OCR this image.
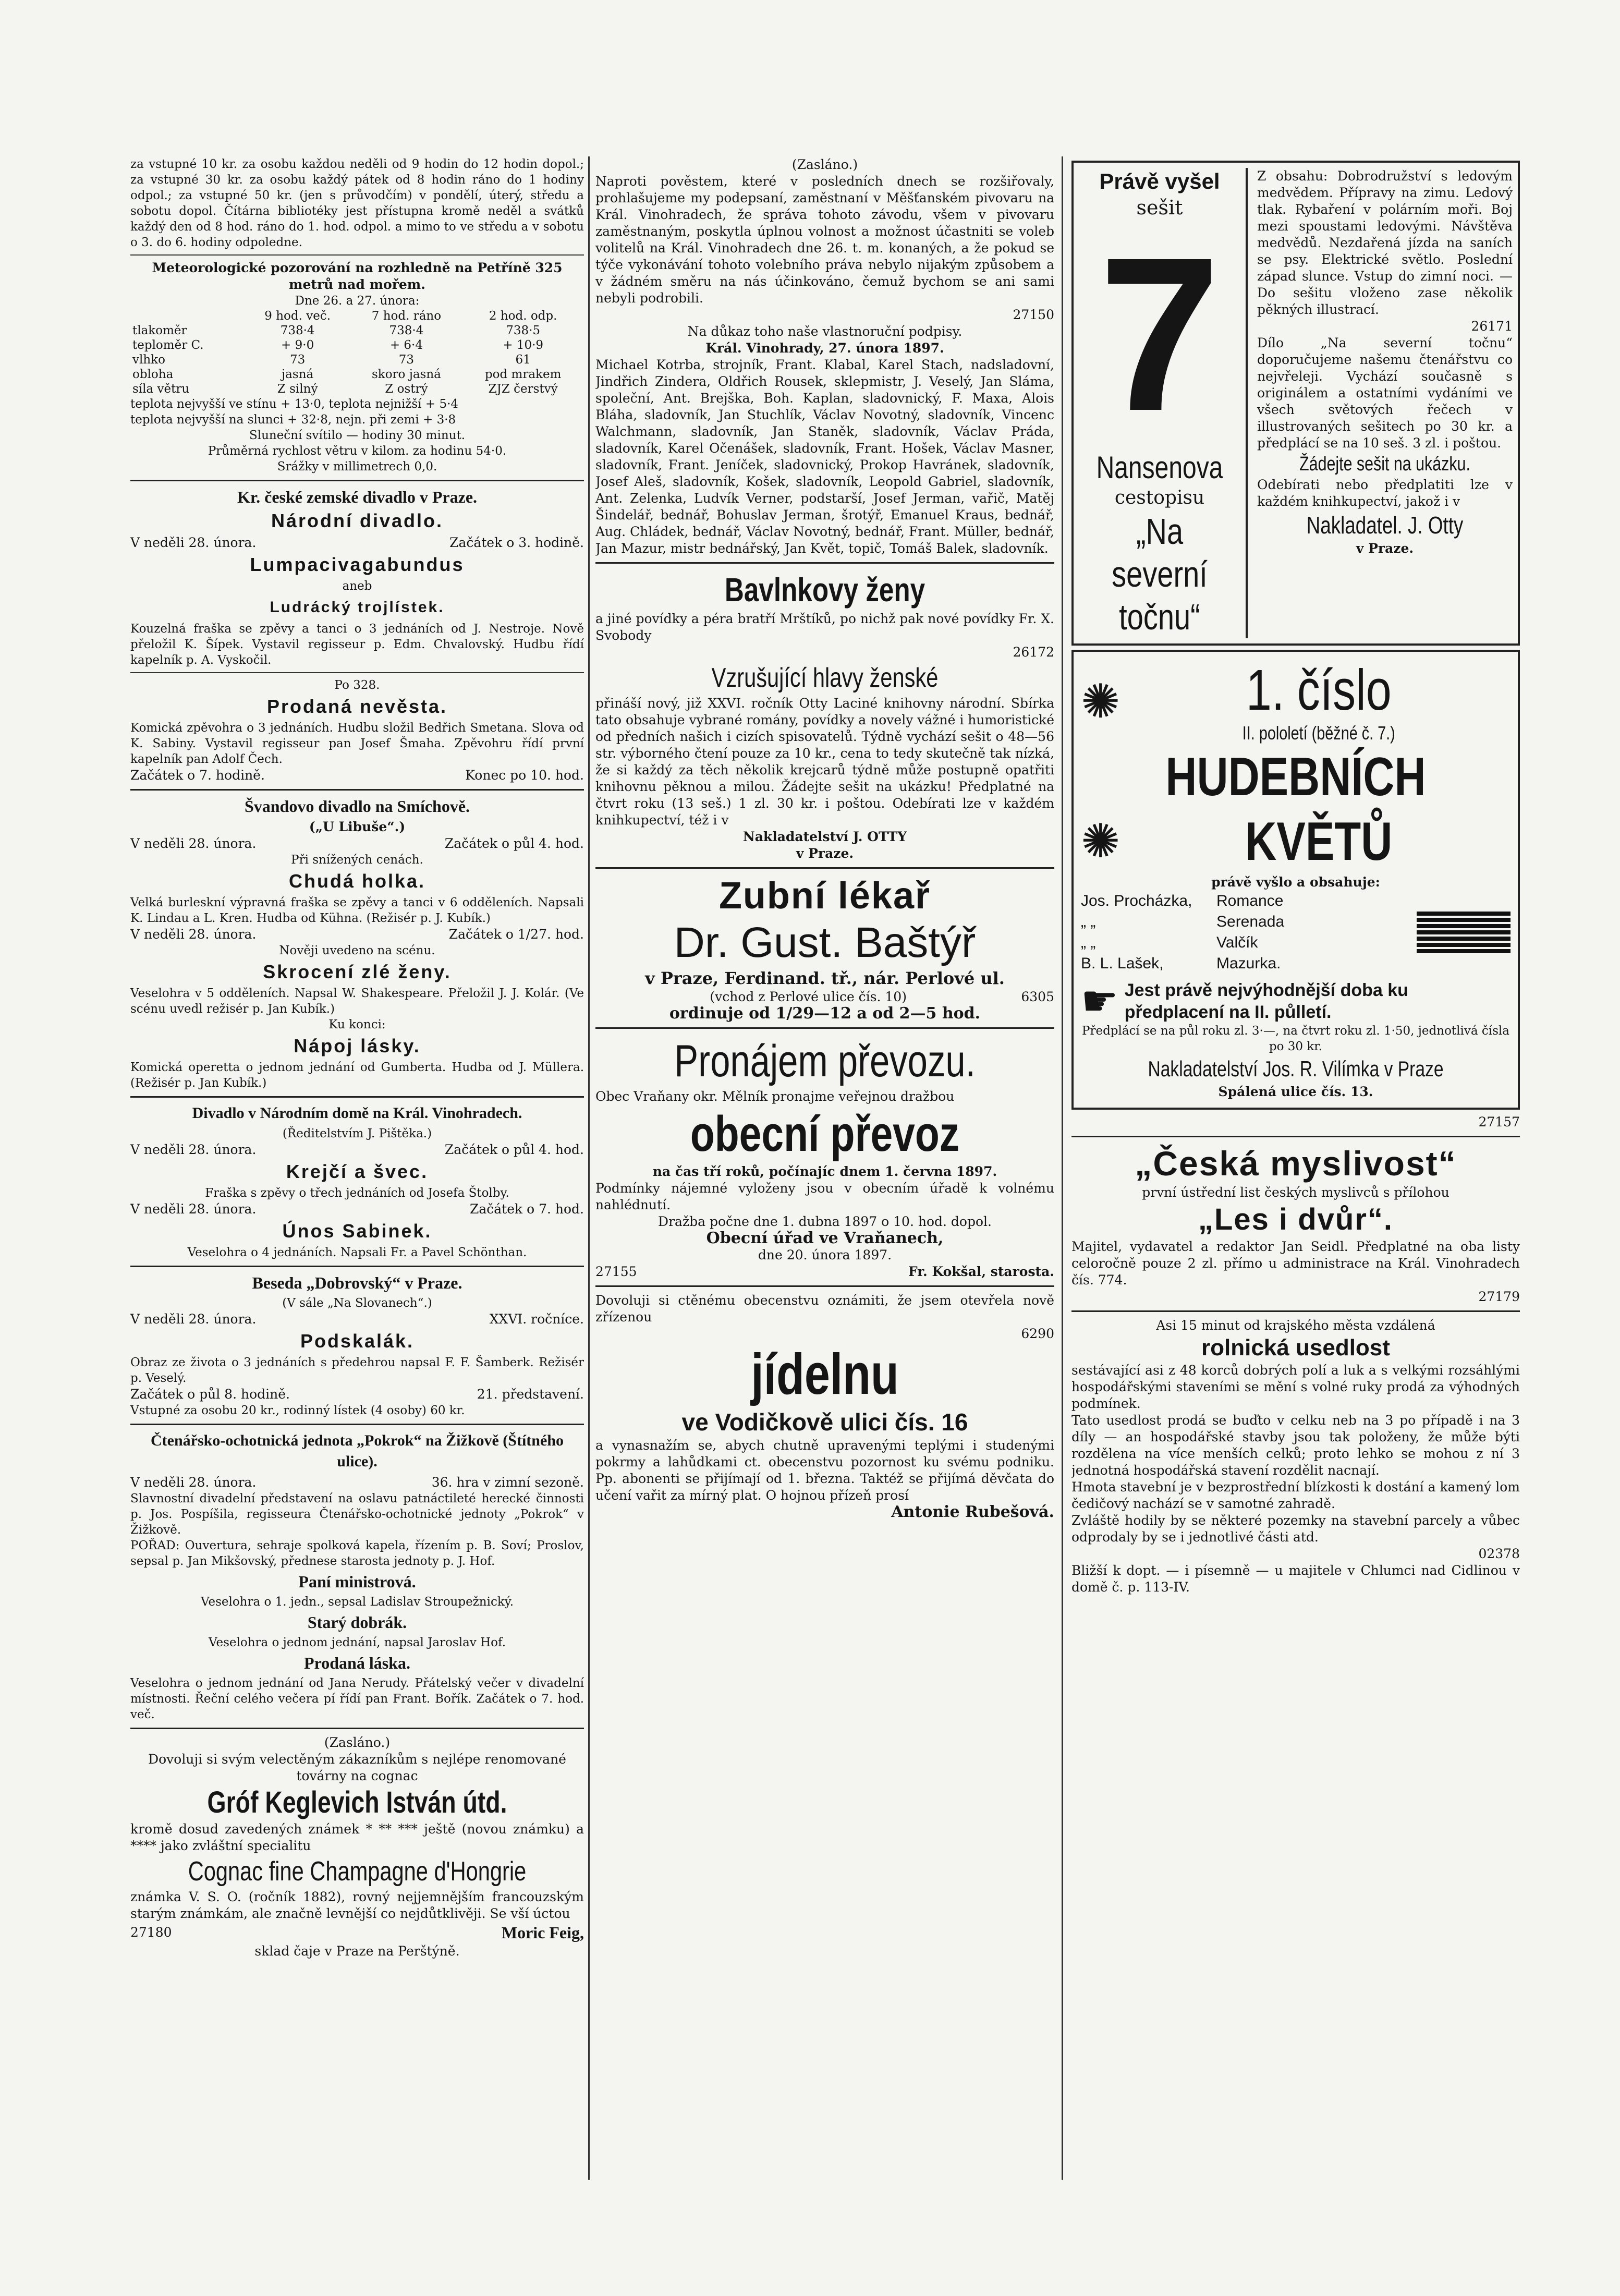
za vstupné 10 kr. za osobu každou neděli od 9 hodin do 12 hodin dopol.; za vstupné 30 kr. za osobu každý pátek od 8 hodin ráno do 1 hodiny odpol.; za vstupné 50 kr. (jen s průvodčím) v pondělí, úterý, středu a sobotu dopol. Čítárna bibliotéky jest přístupna kromě neděl a svátků každý den od 8 hod. ráno do 1. hod. odpol. a mimo to ve středu a v sobotu o 3. do 6. hodiny odpoledne.

Meteorologické pozorování na rozhledně na Petříně 325 metrů nad mořem.

Dne 26. a 27. února:

	9 hod. več.	7 hod. ráno	2 hod. odp.
tlakoměr	738·4	738·4	738·5
teploměr C.	+ 9·0	+ 6·4	+ 10·9
vlhko	73	73	61
obloha	jasná	skoro jasná	pod mrakem
síla větru	Z silný	Z ostrý	ZJZ čerstvý

teplota nejvyšší ve stínu + 13·0, teplota nejnižší + 5·4

teplota nejvyšší na slunci + 32·8, nejn. při zemi + 3·8

Sluneční svítilo — hodiny 30 minut.

Průměrná rychlost větru v kilom. za hodinu 54·0.

Srážky v millimetrech 0,0.

Kr. české zemské divadlo v Praze.
Národní divadlo.
V neděli 28. února.	Začátek o 3. hodině.
Lumpacivagabundus

aneb

Ludrácký trojlístek.

Kouzelná fraška se zpěvy a tanci o 3 jednáních od J. Nestroje. Nově přeložil K. Šípek. Vystavil regisseur p. Edm. Chvalovský. Hudbu řídí kapelník p. A. Vyskočil.

Po 328.

Prodaná nevěsta.

Komická zpěvohra o 3 jednáních. Hudbu složil Bedřich Smetana. Slova od K. Sabiny. Vystavil regisseur pan Josef Šmaha. Zpěvohru řídí první kapelník pan Adolf Čech.

Začátek o 7. hodině.	Konec po 10. hod.
Švandovo divadlo na Smíchově.

(„U Libuše“.)

V neděli 28. února.	Začátek o půl 4. hod.

Při snížených cenách.

Chudá holka.

Velká burleskní výpravná fraška se zpěvy a tanci v 6 odděleních. Napsali K. Lindau a L. Kren. Hudba od Kühna. (Režisér p. J. Kubík.)

V neděli 28. února.	Začátek o 1/27. hod.

Nověji uvedeno na scénu.

Skrocení zlé ženy.

Veselohra v 5 odděleních. Napsal W. Shakespeare. Přeložil J. J. Kolár. (Ve scénu uvedl režisér p. Jan Kubík.)

Ku konci:

Nápoj lásky.

Komická operetta o jednom jednání od Gumberta. Hudba od J. Müllera. (Režisér p. Jan Kubík.)

Divadlo v Národním domě na Král. Vinohradech.

(Ředitelstvím J. Pištěka.)

V neděli 28. února.	Začátek o půl 4. hod.
Krejčí a švec.

Fraška s zpěvy o třech jednáních od Josefa Štolby.

V neděli 28. února.	Začátek o 7. hod.
Únos Sabinek.

Veselohra o 4 jednáních. Napsali Fr. a Pavel Schönthan.

Beseda „Dobrovský“ v Praze.

(V sále „Na Slovanech“.)

V neděli 28. února.	XXVI. ročníce.
Podskalák.

Obraz ze života o 3 jednáních s předehrou napsal F. F. Šamberk. Režisér p. Veselý.

Začátek o půl 8. hodině.	21. představení.

Vstupné za osobu 20 kr., rodinný lístek (4 osoby) 60 kr.

Čtenářsko-ochotnická jednota „Pokrok“ na Žižkově (Štítného ulice).
V neděli 28. února.	36. hra v zimní sezoně.

Slavnostní divadelní představení na oslavu patnáctileté herecké činnosti p. Jos. Pospíšila, regisseura Čtenářsko-ochotnické jednoty „Pokrok“ v Žižkově.

POŘAD: Ouvertura, sehraje spolková kapela, řízením p. B. Soví; Proslov, sepsal p. Jan Mikšovský, přednese starosta jednoty p. J. Hof.

Paní ministrová.

Veselohra o 1. jedn., sepsal Ladislav Stroupežnický.

Starý dobrák.

Veselohra o jednom jednání, napsal Jaroslav Hof.

Prodaná láska.

Veselohra o jednom jednání od Jana Nerudy. Přátelský večer v divadelní místnosti. Řeční celého večera pí řídí pan Frant. Bořík. Začátek o 7. hod. več.

(Zasláno.)

Dovoluji si svým velectěným zákazníkům s nejlépe renomované továrny na cognac

Gróf Keglevich István útd.

kromě dosud zavedených známek * ** *** ještě (novou známku) a **** jako zvláštní specialitu

Cognac fine Champagne d'Hongrie

známka V. S. O. (ročník 1882), rovný nejjemnějším francouzským starým známkám, ale značně levnější co nejdůtklivěji. Se vší úctou

27180	Moric Feig,

sklad čaje v Praze na Perštýně.

(Zasláno.)

Naproti pověstem, které v posledních dnech se rozšiřovaly, prohlašujeme my podepsaní, zaměstnaní v Měšťanském pivovaru na Král. Vinohradech, že správa tohoto závodu, všem v pivovaru zaměstnaným, poskytla úplnou volnost a možnost účastniti se voleb volitelů na Král. Vinohradech dne 26. t. m. konaných, a že pokud se týče vykonávání tohoto volebního práva nebylo nijakým způsobem a v žádném směru na nás účinkováno, čemuž bychom se ani sami nebyli podrobili.

27150

Na důkaz toho naše vlastnoruční podpisy.

Král. Vinohrady, 27. února 1897.

Michael Kotrba, strojník, Frant. Klabal, Karel Stach, nadsladovní, Jindřich Zindera, Oldřich Rousek, sklepmistr, J. Veselý, Jan Sláma, společní, Ant. Brejška, Boh. Kaplan, sladovnický, F. Maxa, Alois Bláha, sladovník, Jan Stuchlík, Václav Novotný, sladovník, Vincenc Walchmann, sladovník, Jan Staněk, sladovník, Václav Práda, sladovník, Karel Očenášek, sladovník, Frant. Hošek, Václav Masner, sladovník, Frant. Jeníček, sladovnický, Prokop Havránek, sladovník, Josef Aleš, sladovník, Košek, sladovník, Leopold Gabriel, sladovník, Ant. Zelenka, Ludvík Verner, podstarší, Josef Jerman, vařič, Matěj Šindelář, bednář, Bohuslav Jerman, šrotýř, Emanuel Kraus, bednář, Aug. Chládek, bednář, Václav Novotný, bednář, Frant. Müller, bednář, Jan Mazur, mistr bednářský, Jan Květ, topič, Tomáš Balek, sladovník.

Bavlnkovy ženy

a jiné povídky a péra bratří Mrštíků, po nichž pak nové povídky Fr. X. Svobody

26172

Vzrušující hlavy ženské

přináší nový, již XXVI. ročník Otty Laciné knihovny národní. Sbírka tato obsahuje vybrané romány, povídky a novely vážné i humoristické od předních našich i cizích spisovatelů. Týdně vychází sešit o 48—56 str. výborného čtení pouze za 10 kr., cena to tedy skutečně tak nízká, že si každý za těch několik krejcarů týdně může postupně opatřiti knihovnu pěknou a milou. Žádejte sešit na ukázku! Předplatné na čtvrt roku (13 seš.) 1 zl. 30 kr. i poštou. Odebírati lze v každém knihkupectví, též i v

Nakladatelství J. OTTY

v Praze.

Zubní lékař
Dr. Gust. Baštýř

v Praze, Ferdinand. tř., nár. Perlové ul.

(vchod z Perlové ulice čís. 10)	6305

ordinuje od 1/29—12 a od 2—5 hod.

Pronájem převozu.

Obec Vraňany okr. Mělník pronajme veřejnou dražbou

obecní převoz

na čas tří roků, počínajíc dnem 1. června 1897.

Podmínky nájemné vyloženy jsou v obecním úřadě k volnému nahlédnutí.

Dražba počne dne 1. dubna 1897 o 10. hod. dopol.

Obecní úřad ve Vraňanech,

dne 20. února 1897.

27155	Fr. Kokšal, starosta.

Dovoluji si ctěnému obecenstvu oznámiti, že jsem otevřela nově zřízenou

6290

jídelnu
ve Vodičkově ulici čís. 16

a vynasnažím se, abych chutně upravenými teplými i studenými pokrmy a lahůdkami ct. obecenstvu pozornost ku svému podniku. Pp. abonenti se přijímají od 1. března. Taktéž se přijímá děvčata do učení vařit za mírný plat. O hojnou přízeň prosí

Antonie Rubešová.

Právě vyšel
sešit
7
Nansenova
cestopisu
„Na severní točnu“

Z obsahu: Dobrodružství s ledovým medvědem. Přípravy na zimu. Ledový tlak. Rybaření v polárním moři. Boj mezi spoustami ledovými. Návštěva medvědů. Nezdařená jízda na saních se psy. Elektrické světlo. Poslední západ slunce. Vstup do zimní noci. — Do sešitu vloženo zase několik pěkných illustrací.

26171

Dílo „Na severní točnu“ doporučujeme našemu čtenářstvu co nejvřeleji. Vychází současně s originálem a ostatními vydáními ve všech světových řečech v illustrovaných sešitech po 30 kr. a předplácí se na 10 seš. 3 zl. i poštou.

Žádejte sešit na ukázku.

Odebírati nebo předplatiti lze v každém knihkupectví, jakož i v

Nakladatel. J. Otty

v Praze.

✺	1. číslo
II. pololetí (běžné č. 7.)
HUDEBNÍCH
✺	KVĚTŮ

právě vyšlo a obsahuje:

Jos. Procházka,	Romance
„ „	Serenada
„ „	Valčík
B. L. Lašek,	Mazurka.
☛ Jest právě nejvýhodnější doba ku předplacení na II. půlletí.

Předplácí se na půl roku zl. 3·—, na čtvrt roku zl. 1·50, jednotlivá čísla po 30 kr.

Nakladatelství Jos. R. Vilímka v Praze

Spálená ulice čís. 13.

27157

„Česká myslivost“

první ústřední list českých myslivců s přílohou

„Les i dvůr“.

Majitel, vydavatel a redaktor Jan Seidl. Předplatné na oba listy celoročně pouze 2 zl. přímo u administrace na Král. Vinohradech čís. 774.

27179

Asi 15 minut od krajského města vzdálená

rolnická usedlost

sestávající asi z 48 korců dobrých polí a luk a s velkými rozsáhlými hospodářskými staveními se mění s volné ruky prodá za výhodných podmínek.

Tato usedlost prodá se buďto v celku neb na 3 po případě i na 3 díly — an hospodářské stavby jsou tak položeny, že může býti rozdělena na více menších celků; proto lehko se mohou z ní 3 jednotná hospodářská stavení rozdělit nacnají.

Hmota stavební je v bezprostřední blízkosti k dostání a kamený lom čedičový nachází se v samotné zahradě.

Zvláště hodily by se některé pozemky na stavební parcely a vůbec odprodaly by se i jednotlivé části atd.

02378

Bližší k dopt. — i písemně — u majitele v Chlumci nad Cidlinou v domě č. p. 113-IV.
